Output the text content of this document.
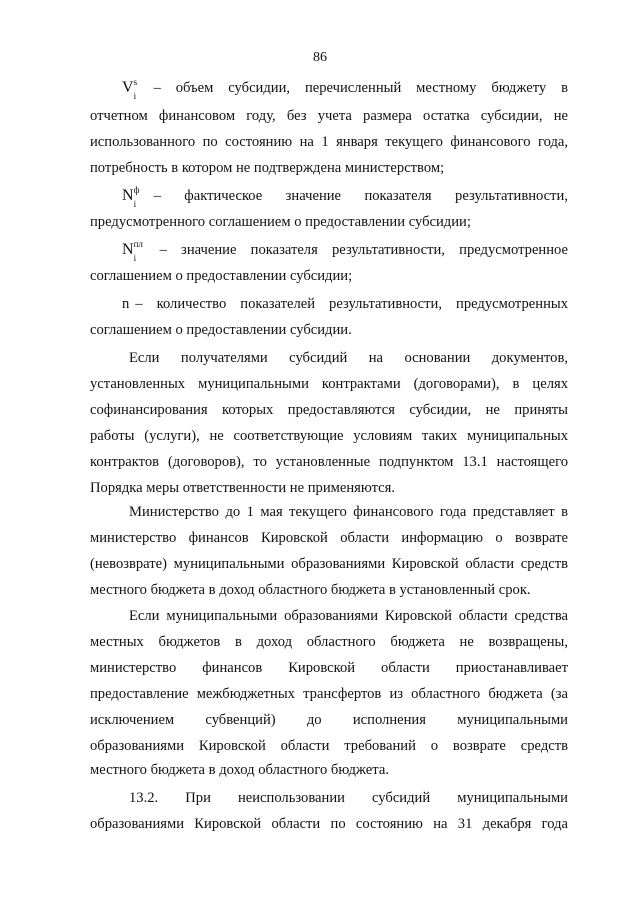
86
V s
i – объем субсидии, перечисленный местному бюджету в
отчетном финансовом году, без учета размера остатка субсидии, не
использованного по состоянию на 1 января текущего финансового года,
потребность в котором не подтверждена министерством;
N ф
i – фактическое значение показателя результативности,
предусмотренного соглашением о предоставлении субсидии;
N пл
i – значение показателя результативности, предусмотренное
соглашением о предоставлении субсидии;
n – количество показателей результативности, предусмотренных
соглашением о предоставлении субсидии.
Если получателями субсидий на основании документов,
установленных муниципальными контрактами (договорами), в целях
софинансирования которых предоставляются субсидии, не приняты
работы (услуги), не соответствующие условиям таких муниципальных
контрактов (договоров), то установленные подпунктом 13.1 настоящего
Порядка меры ответственности не применяются.
Министерство до 1 мая текущего финансового года представляет в
министерство финансов Кировской области информацию о возврате
(невозврате) муниципальными образованиями Кировской области средств
местного бюджета в доход областного бюджета в установленный срок.
Если муниципальными образованиями Кировской области средства
местных бюджетов в доход областного бюджета не возвращены,
министерство финансов Кировской области приостанавливает
предоставление межбюджетных трансфертов из областного бюджета (за
исключением субвенций) до исполнения муниципальными
образованиями Кировской области требований о возврате средств
местного бюджета в доход областного бюджета.
13.2. При неиспользовании субсидий муниципальными
образованиями Кировской области по состоянию на 31 декабря года
